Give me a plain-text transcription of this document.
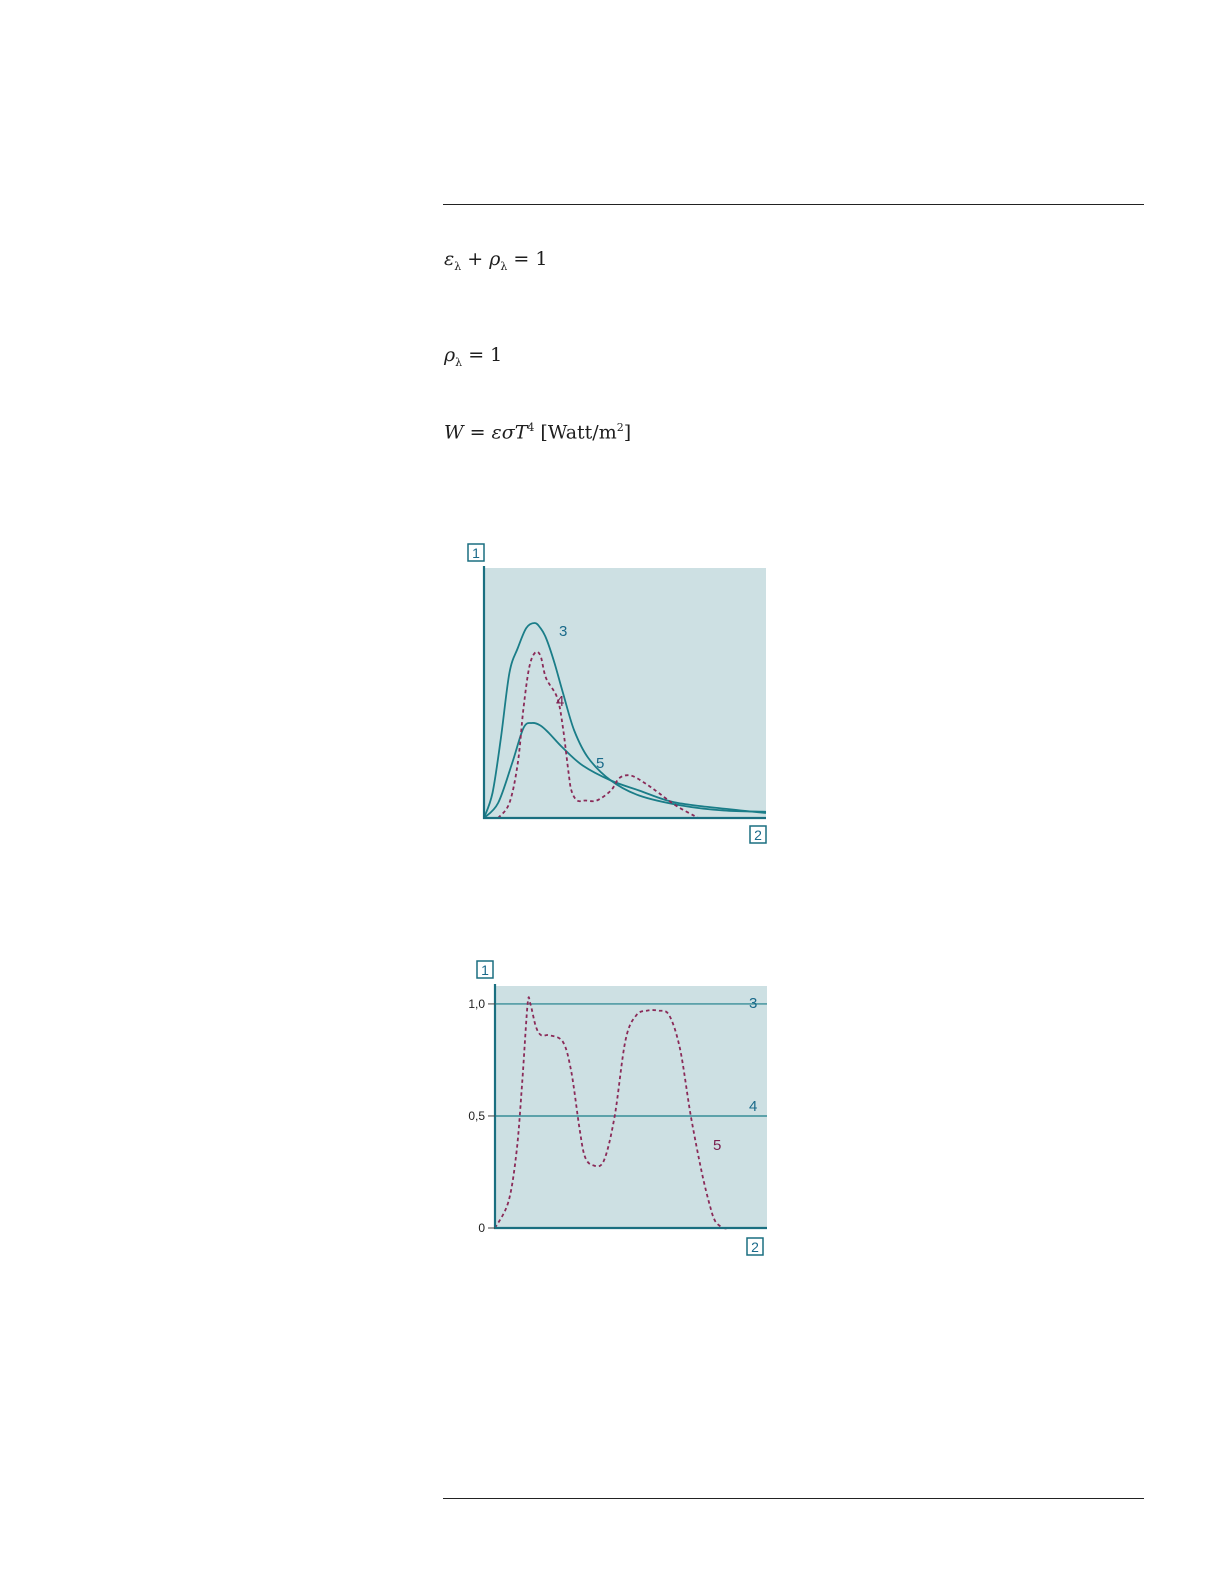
$\varepsilon_\lambda + \rho_\lambda = 1$
$\rho_\lambda = 1$
W = εσT$^4$ $[Watt/m^2]$
1
2
3
4
5
0
0,5
1,0
1
2
3
4
5
